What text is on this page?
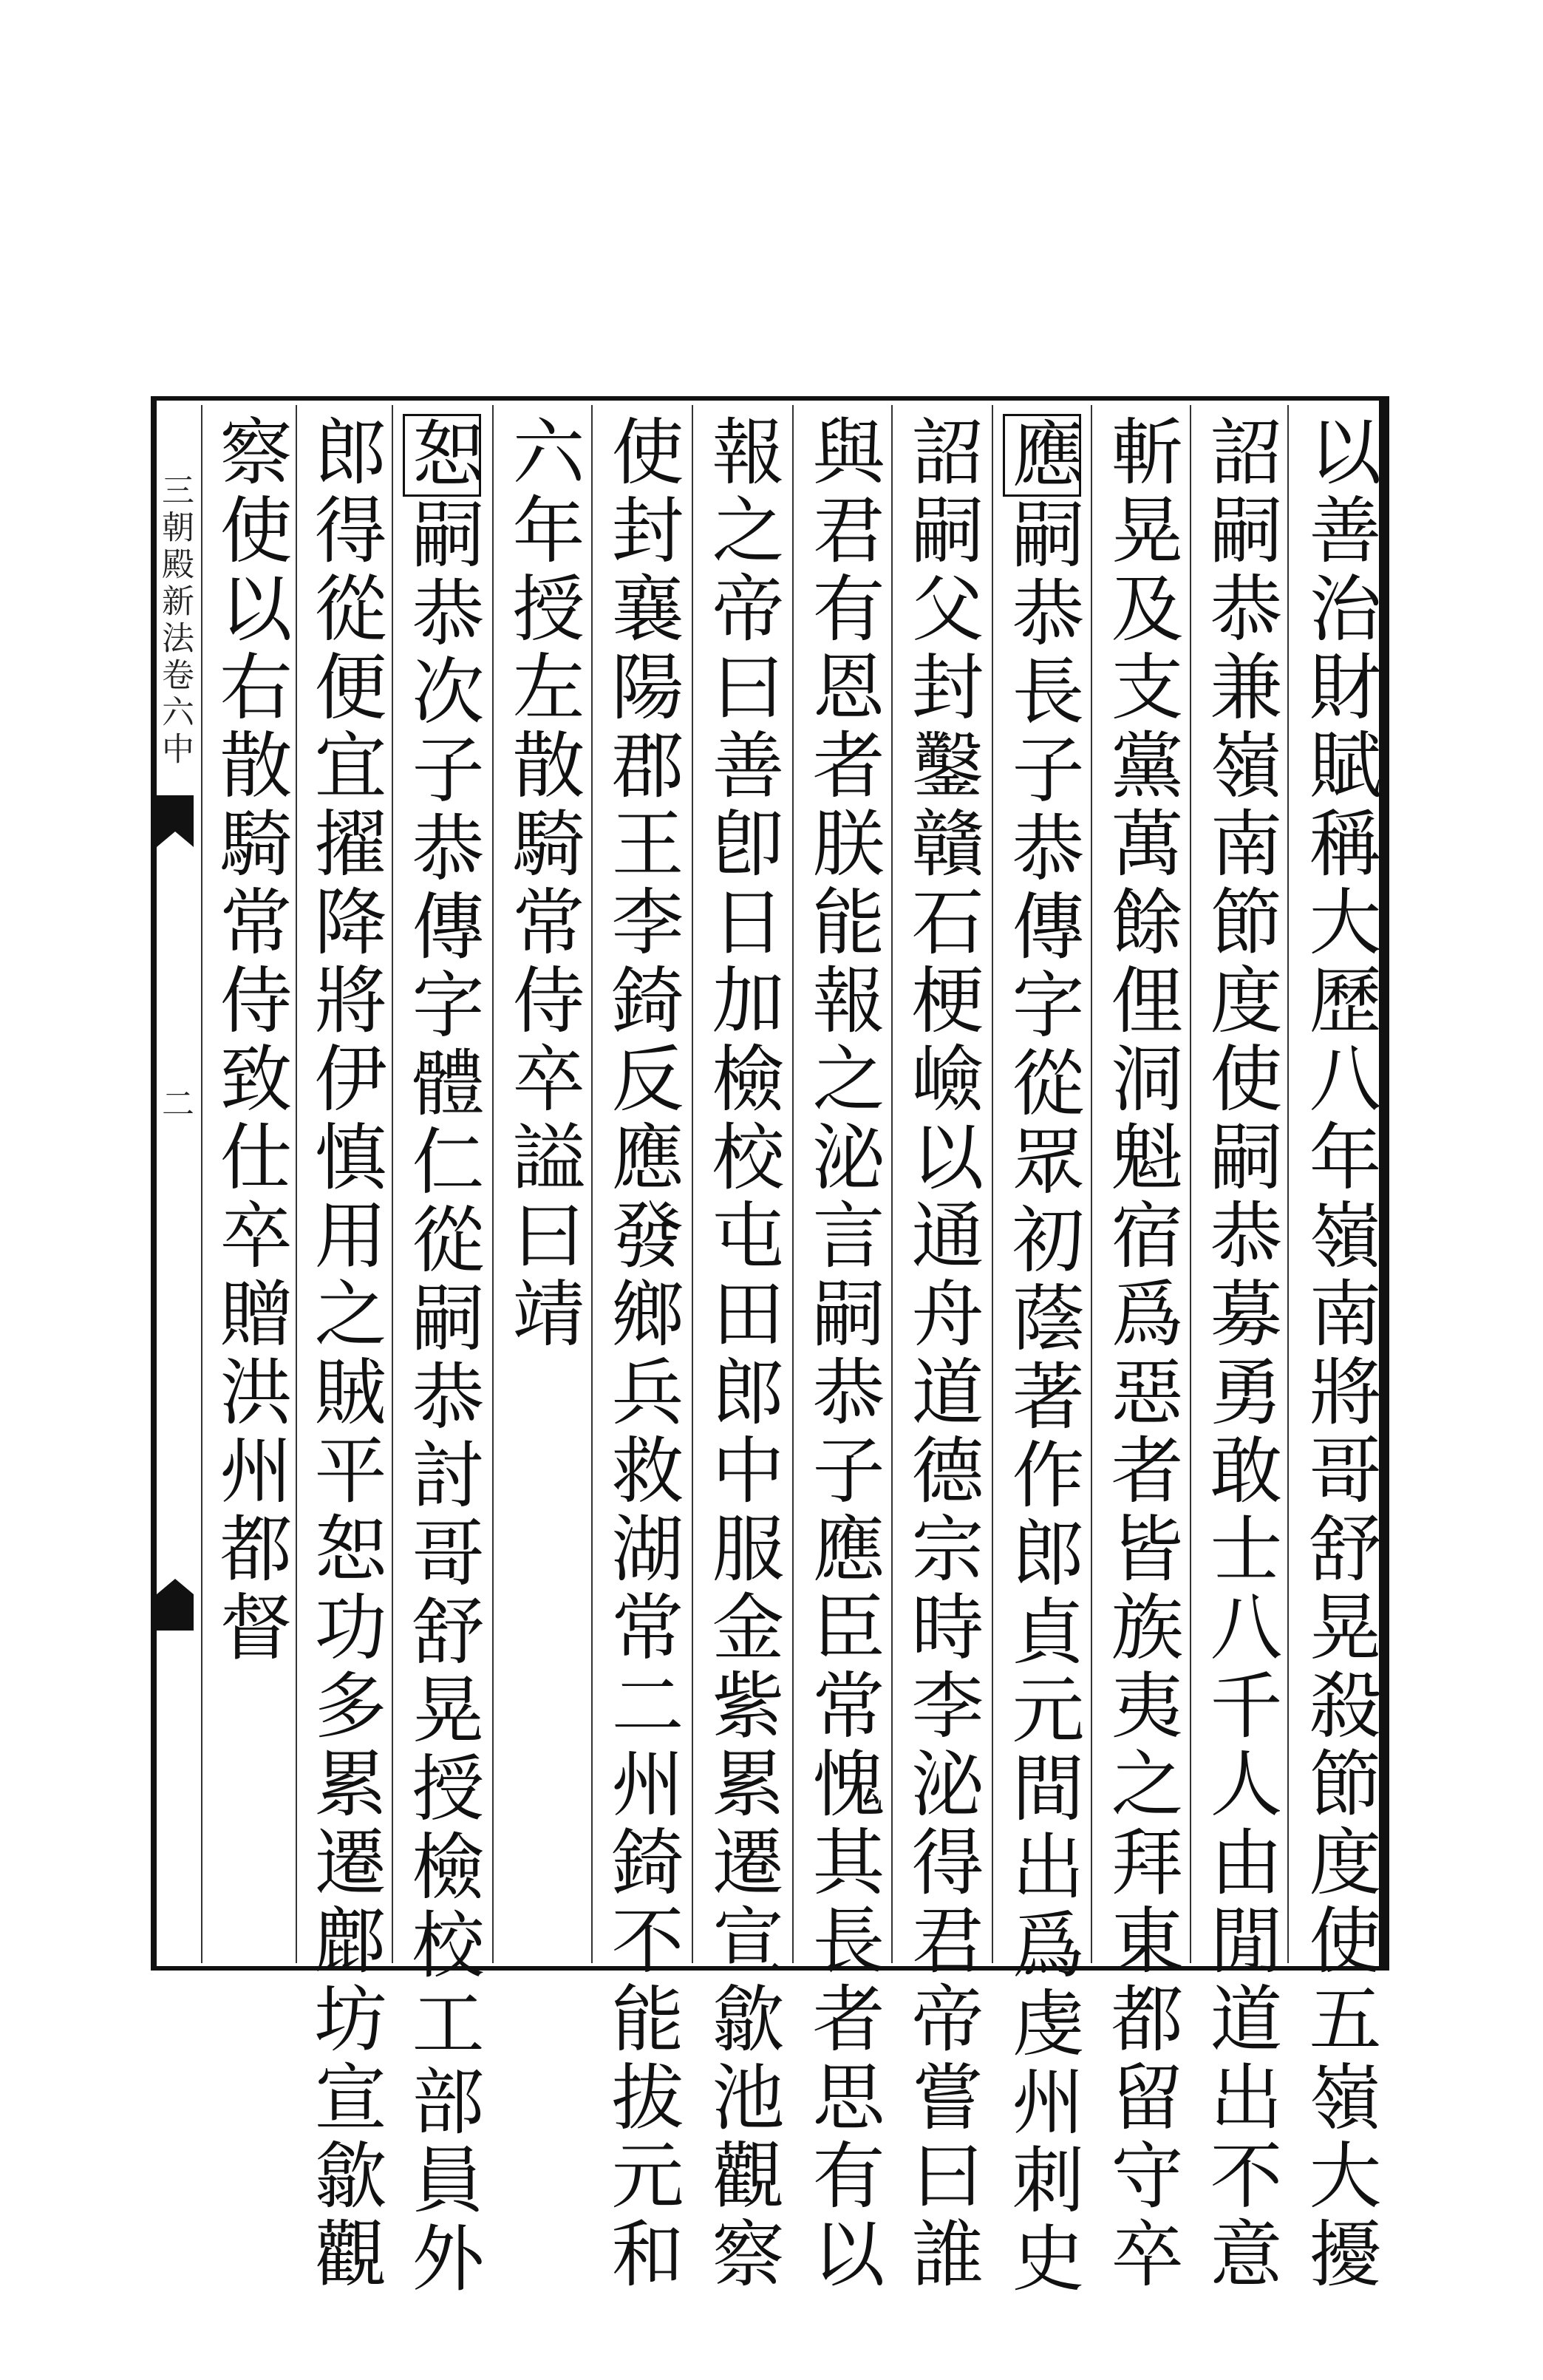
三朝殿新法卷六中
二	以善治財賦稱大歷八年嶺南將哥舒晃殺節度使五嶺大擾
詔嗣恭兼嶺南節度使嗣恭募勇敢士八千人由閒道出不意
斬晃及支黨萬餘俚洞魁宿爲惡者皆族夷之拜東都留守卒
應嗣恭長子恭傳字從眾初蔭著作郎貞元間出爲虔州刺史
詔嗣父封鑿贛石梗嶮以通舟道德宗時李泌得君帝嘗曰誰
與君有恩者朕能報之泌言嗣恭子應臣常愧其長者思有以
報之帝曰善卽日加檢校屯田郎中服金紫累遷宣歙池觀察
使封襄陽郡王李錡反應發鄉兵救湖常二州錡不能拔元和
六年授左散騎常侍卒謚曰靖
恕嗣恭次子恭傳字體仁從嗣恭討哥舒晃授檢校工部員外
郎得從便宜擢降將伊慎用之賊平恕功多累遷鄜坊宣歙觀
察使以右散騎常侍致仕卒贈洪州都督
